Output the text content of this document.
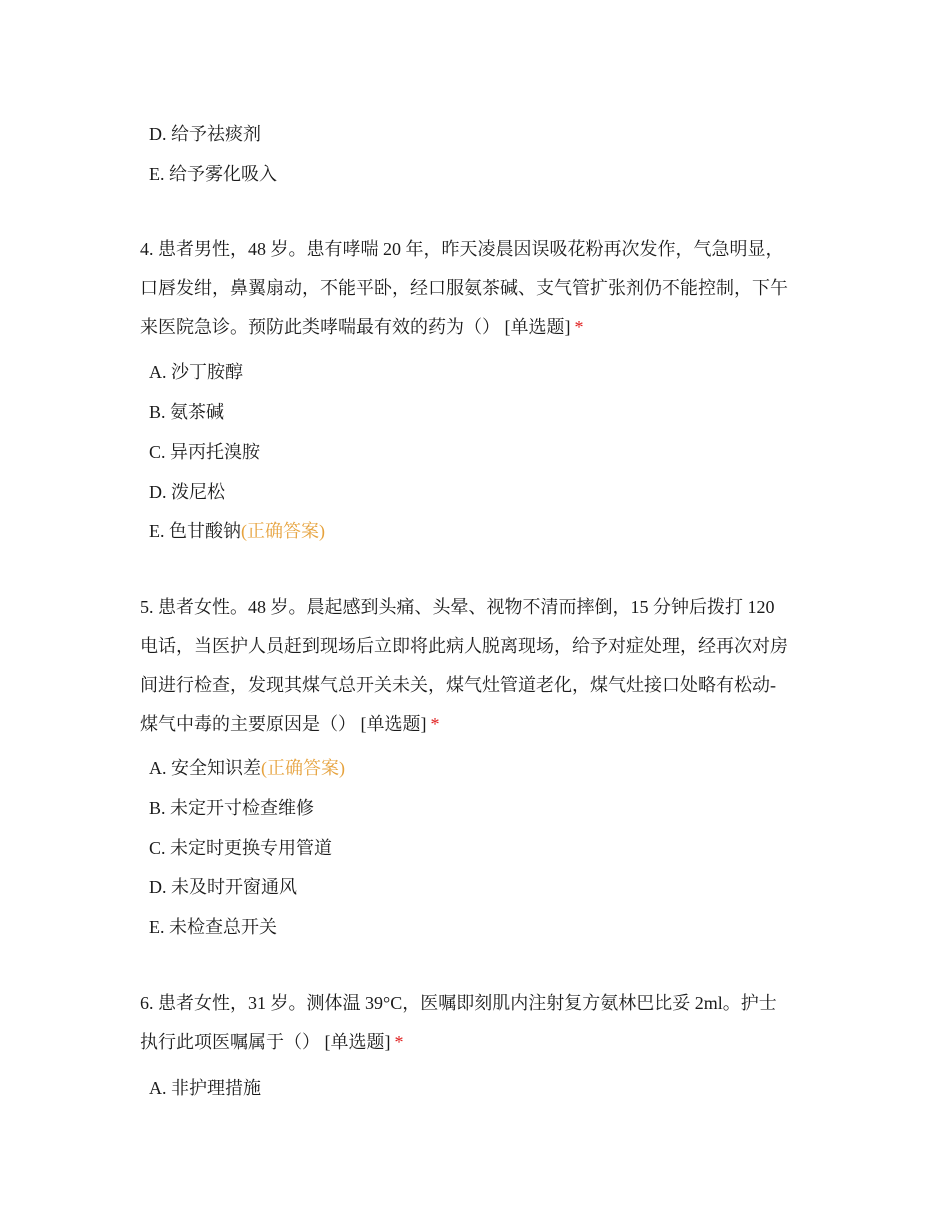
D. 给予祛痰剂
E. 给予雾化吸入
4. 患者男性，48 岁。患有哮喘 20 年，昨天凌晨因误吸花粉再次发作，气急明显，
口唇发绀，鼻翼扇动，不能平卧，经口服氨茶碱、支气管扩张剂仍不能控制，下午
来医院急诊。预防此类哮喘最有效的药为（） [单选题] *
A. 沙丁胺醇
B. 氨茶碱
C. 异丙托溴胺
D. 泼尼松
E. 色甘酸钠(正确答案)
5. 患者女性。48 岁。晨起感到头痛、头晕、视物不清而摔倒，15 分钟后拨打 120
电话，当医护人员赶到现场后立即将此病人脱离现场，给予对症处理，经再次对房
间进行检查，发现其煤气总开关未关，煤气灶管道老化，煤气灶接口处略有松动-
煤气中毒的主要原因是（） [单选题] *
A. 安全知识差(正确答案)
B. 未定开寸检查维修
C. 未定时更换专用管道
D. 未及时开窗通风
E. 未检查总开关
6. 患者女性，31 岁。测体温 39°C，医嘱即刻肌内注射复方氨林巴比妥 2ml。护士
执行此项医嘱属于（） [单选题] *
A. 非护理措施
